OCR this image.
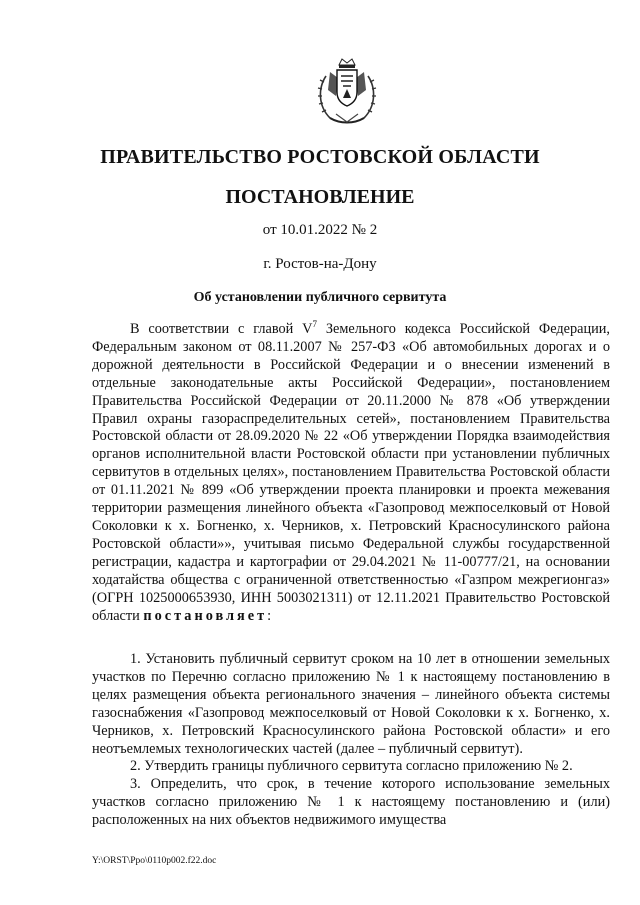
ПРАВИТЕЛЬСТВО РОСТОВСКОЙ ОБЛАСТИ
ПОСТАНОВЛЕНИЕ
от 10.01.2022 № 2
г. Ростов-на-Дону
Об установлении публичного сервитута

В соответствии с главой $V^7$ Земельного кодекса Российской Федерации, Федеральным законом от 08.11.2007 № 257-ФЗ «Об автомобильных дорогах и о дорожной деятельности в Российской Федерации и о внесении изменений в отдельные законодательные акты Российской Федерации», постановлением Правительства Российской Федерации от 20.11.2000 № 878 «Об утверждении Правил охраны газораспределительных сетей», постановлением Правительства Ростовской области от 28.09.2020 № 22 «Об утверждении Порядка взаимодействия органов исполнительной власти Ростовской области при установлении публичных сервитутов в отдельных целях», постановлением Правительства Ростовской области от 01.11.2021 № 899 «Об утверждении проекта планировки и проекта межевания территории размещения линейного объекта «Газопровод межпоселковый от Новой Соколовки к х. Богненко, х. Черников, х. Петровский Красносулинского района Ростовской области»», учитывая письмо Федеральной службы государственной регистрации, кадастра и картографии от 29.04.2021 № 11-00777/21, на основании ходатайства общества с ограниченной ответственностью «Газпром межрегионгаз» (ОГРН 1025000653930, ИНН 5003021311) от 12.11.2021 Правительство Ростовской области постановляет:

1. Установить публичный сервитут сроком на 10 лет в отношении земельных участков по Перечню согласно приложению № 1 к настоящему постановлению в целях размещения объекта регионального значения – линейного объекта системы газоснабжения «Газопровод межпоселковый от Новой Соколовки к х. Богненко, х. Черников, х. Петровский Красносулинского района Ростовской области» и его неотъемлемых технологических частей (далее – публичный сервитут).

2. Утвердить границы публичного сервитута согласно приложению № 2.

3. Определить, что срок, в течение которого использование земельных участков согласно приложению № 1 к настоящему постановлению и (или) расположенных на них объектов недвижимого имущества

Y:\ORST\Ppo\0110p002.f22.doc
